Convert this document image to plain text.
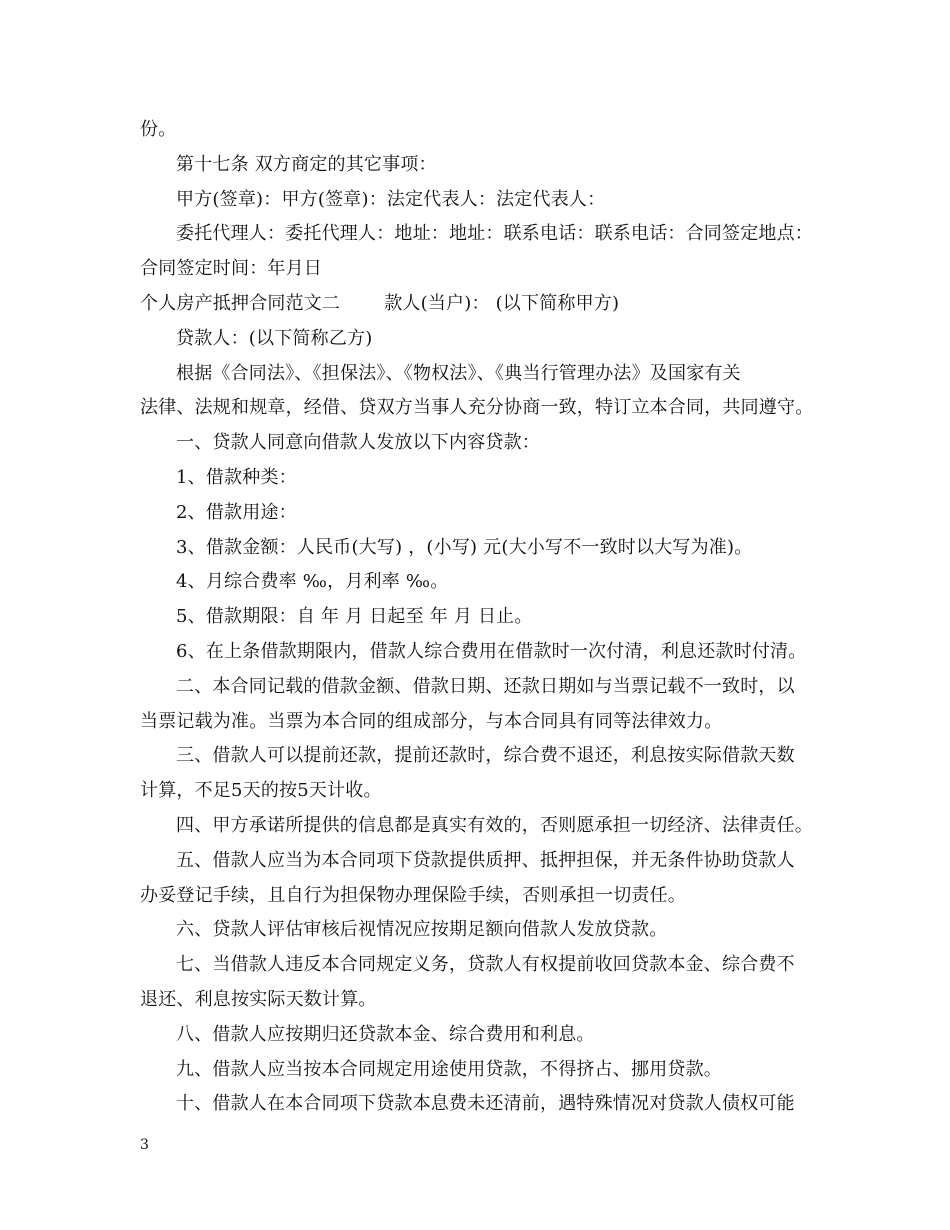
份。
第十七条 双方商定的其它事项：
甲方(签章)：甲方(签章)：法定代表人：法定代表人：
委托代理人：委托代理人：地址：地址：联系电话：联系电话：合同签定地点：
合同签定时间：年月日
个人房产抵押合同范文二 款人(当户)： (以下简称甲方)
贷款人：(以下简称乙方)
根据《合同法》、《担保法》、《物权法》、《典当行管理办法》及国家有关
法律、法规和规章，经借、贷双方当事人充分协商一致，特订立本合同，共同遵守。
一、贷款人同意向借款人发放以下内容贷款：
1、借款种类：
2、借款用途：
3、借款金额：人民币(大写) ，(小写) 元(大小写不一致时以大写为准)。
4、月综合费率 ‰，月利率 ‰。
5、借款期限：自 年 月 日起至 年 月 日止。
6、在上条借款期限内，借款人综合费用在借款时一次付清，利息还款时付清。
二、本合同记载的借款金额、借款日期、还款日期如与当票记载不一致时，以
当票记载为准。当票为本合同的组成部分，与本合同具有同等法律效力。
三、借款人可以提前还款，提前还款时，综合费不退还，利息按实际借款天数
计算，不足5天的按5天计收。
四、甲方承诺所提供的信息都是真实有效的，否则愿承担一切经济、法律责任。
五、借款人应当为本合同项下贷款提供质押、抵押担保，并无条件协助贷款人
办妥登记手续，且自行为担保物办理保险手续，否则承担一切责任。
六、贷款人评估审核后视情况应按期足额向借款人发放贷款。
七、当借款人违反本合同规定义务，贷款人有权提前收回贷款本金、综合费不
退还、利息按实际天数计算。
八、借款人应按期归还贷款本金、综合费用和利息。
九、借款人应当按本合同规定用途使用贷款，不得挤占、挪用贷款。
十、借款人在本合同项下贷款本息费未还清前，遇特殊情况对贷款人债权可能
3
